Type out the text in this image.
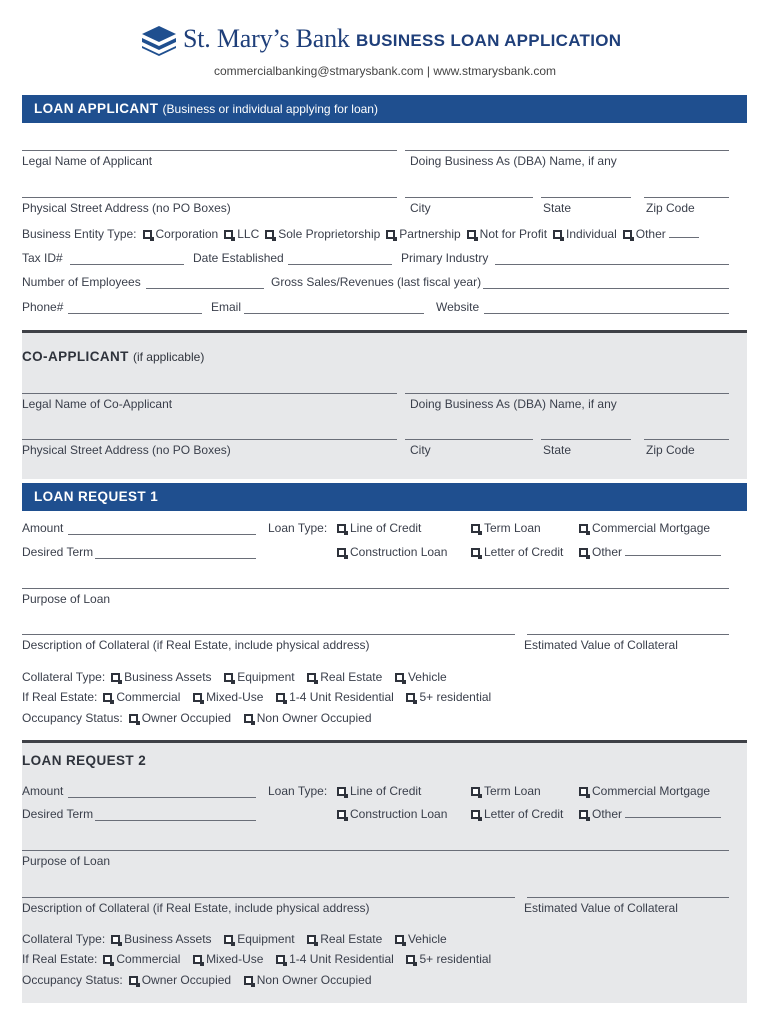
St. Mary’s Bank BUSINESS LOAN APPLICATION
commercialbanking@stmarysbank.com | www.stmarysbank.com
LOAN APPLICANT (Business or individual applying for loan)
Legal Name of Applicant	Doing Business As (DBA) Name, if any
Physical Street Address (no PO Boxes)	City	State	Zip Code
Business Entity Type: Corporation LLC Sole Proprietorship Partnership Not for Profit Individual Other
Tax ID#	Date Established	Primary Industry
Number of Employees	Gross Sales/Revenues (last fiscal year)
Phone#	Email	Website
CO-APPLICANT (if applicable)
Legal Name of Co-Applicant	Doing Business As (DBA) Name, if any
Physical Street Address (no PO Boxes)	City	State	Zip Code
LOAN REQUEST 1
Amount	Loan Type:	Line of Credit	Term Loan	Commercial Mortgage
Desired Term	Construction Loan	Letter of Credit	Other
Purpose of Loan
Description of Collateral (if Real Estate, include physical address)	Estimated Value of Collateral
Collateral Type: Business Assets Equipment Real Estate Vehicle
If Real Estate: Commercial Mixed-Use 1-4 Unit Residential 5+ residential
Occupancy Status: Owner Occupied Non Owner Occupied
LOAN REQUEST 2
Amount	Loan Type:	Line of Credit	Term Loan	Commercial Mortgage
Desired Term	Construction Loan	Letter of Credit	Other
Purpose of Loan
Description of Collateral (if Real Estate, include physical address)	Estimated Value of Collateral
Collateral Type: Business Assets Equipment Real Estate Vehicle
If Real Estate: Commercial Mixed-Use 1-4 Unit Residential 5+ residential
Occupancy Status: Owner Occupied Non Owner Occupied
